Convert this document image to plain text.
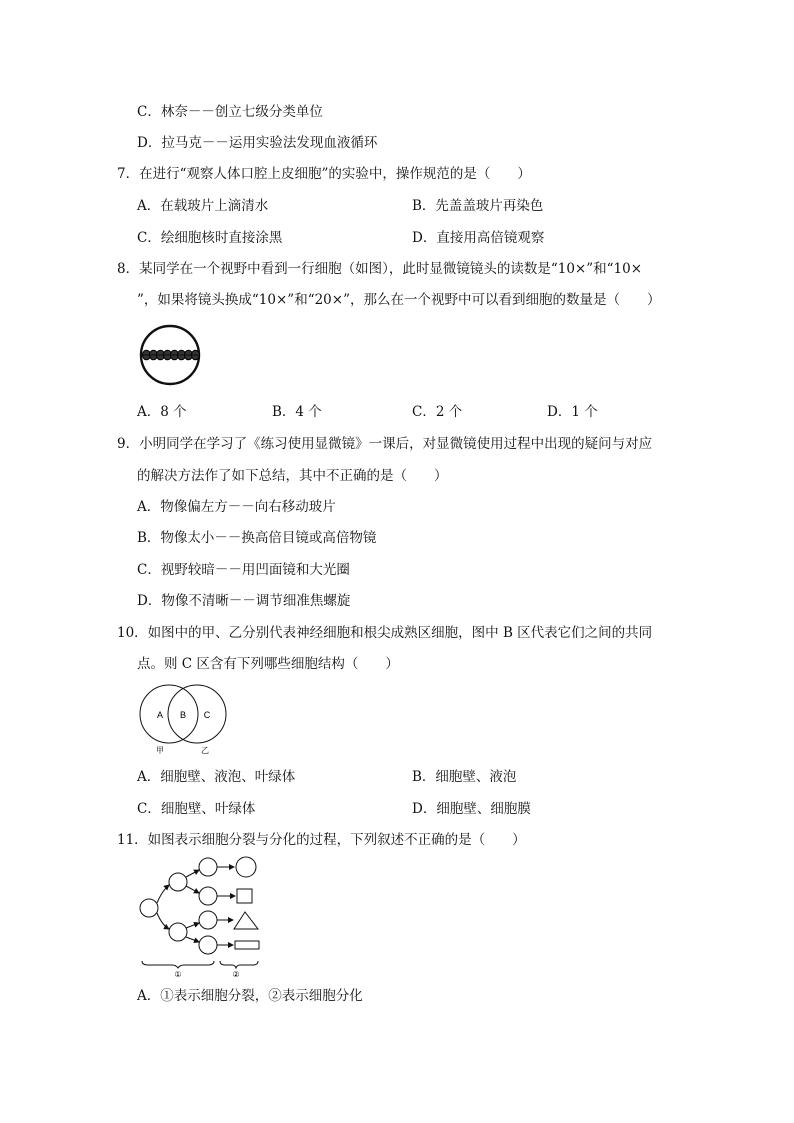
C．林奈－－创立七级分类单位
D．拉马克－－运用实验法发现血液循环
7．在进行“观察人体口腔上皮细胞”的实验中，操作规范的是（　　）
A．在载玻片上滴清水	B．先盖盖玻片再染色
C．绘细胞核时直接涂黑	D．直接用高倍镜观察
8．某同学在一个视野中看到一行细胞（如图），此时显微镜镜头的读数是“10×”和“10×
”，如果将镜头换成“10×”和“20×”，那么在一个视野中可以看到细胞的数量是（　　）
A．8 个	B．4 个	C．2 个	D．1 个
9．小明同学在学习了《练习使用显微镜》一课后，对显微镜使用过程中出现的疑问与对应
的解决方法作了如下总结，其中不正确的是（　　）
A．物像偏左方－－向右移动玻片
B．物像太小－－换高倍目镜或高倍物镜
C．视野较暗－－用凹面镜和大光圈
D．物像不清晰－－调节细准焦螺旋
10．如图中的甲、乙分别代表神经细胞和根尖成熟区细胞，图中 B 区代表它们之间的共同
点。则 C 区含有下列哪些细胞结构（　　）
A B C
甲	乙
A．细胞壁、液泡、叶绿体	B．细胞壁、液泡
C．细胞壁、叶绿体	D．细胞壁、细胞膜
11．如图表示细胞分裂与分化的过程，下列叙述不正确的是（　　）
①	②
A．①表示细胞分裂，②表示细胞分化
